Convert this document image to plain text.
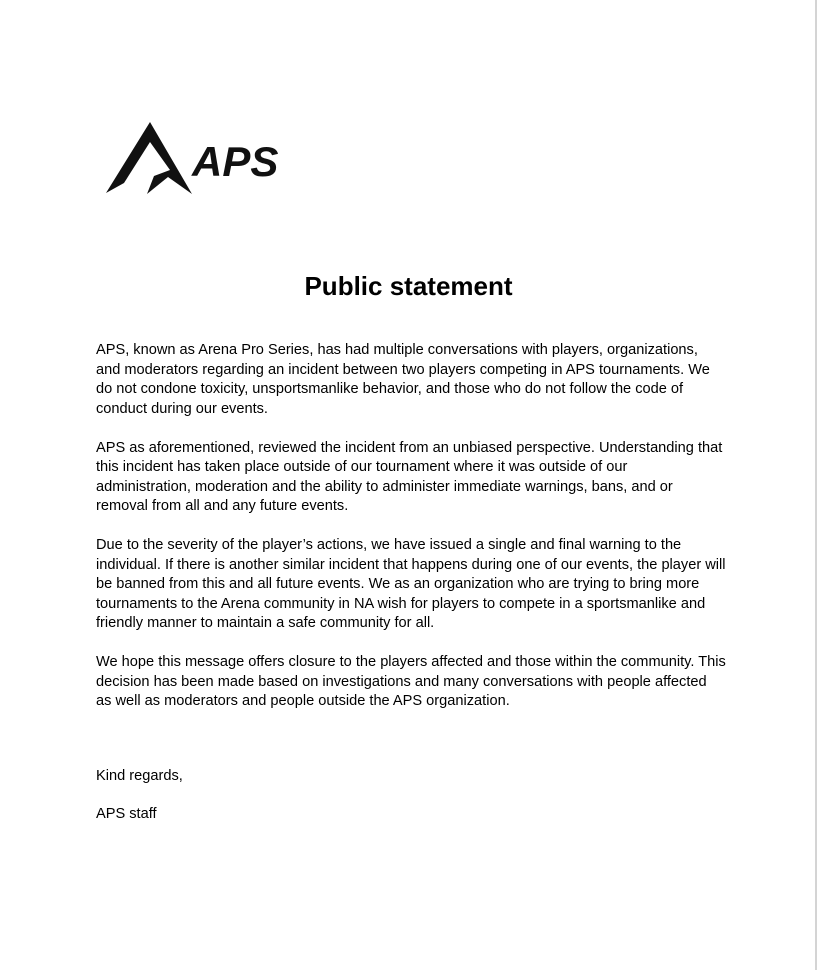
APS
Public statement

APS, known as Arena Pro Series, has had multiple conversations with players, organizations, and moderators regarding an incident between two players competing in APS tournaments. We do not condone toxicity, unsportsmanlike behavior, and those who do not follow the code of conduct during our events.

APS as aforementioned, reviewed the incident from an unbiased perspective. Understanding that this incident has taken place outside of our tournament where it was outside of our administration, moderation and the ability to administer immediate warnings, bans, and or removal from all and any future events.

Due to the severity of the player’s actions, we have issued a single and final warning to the individual. If there is another similar incident that happens during one of our events, the player will be banned from this and all future events. We as an organization who are trying to bring more tournaments to the Arena community in NA wish for players to compete in a sportsmanlike and friendly manner to maintain a safe community for all.

We hope this message offers closure to the players affected and those within the community. This decision has been made based on investigations and many conversations with people affected as well as moderators and people outside the APS organization.

Kind regards,

APS staff
